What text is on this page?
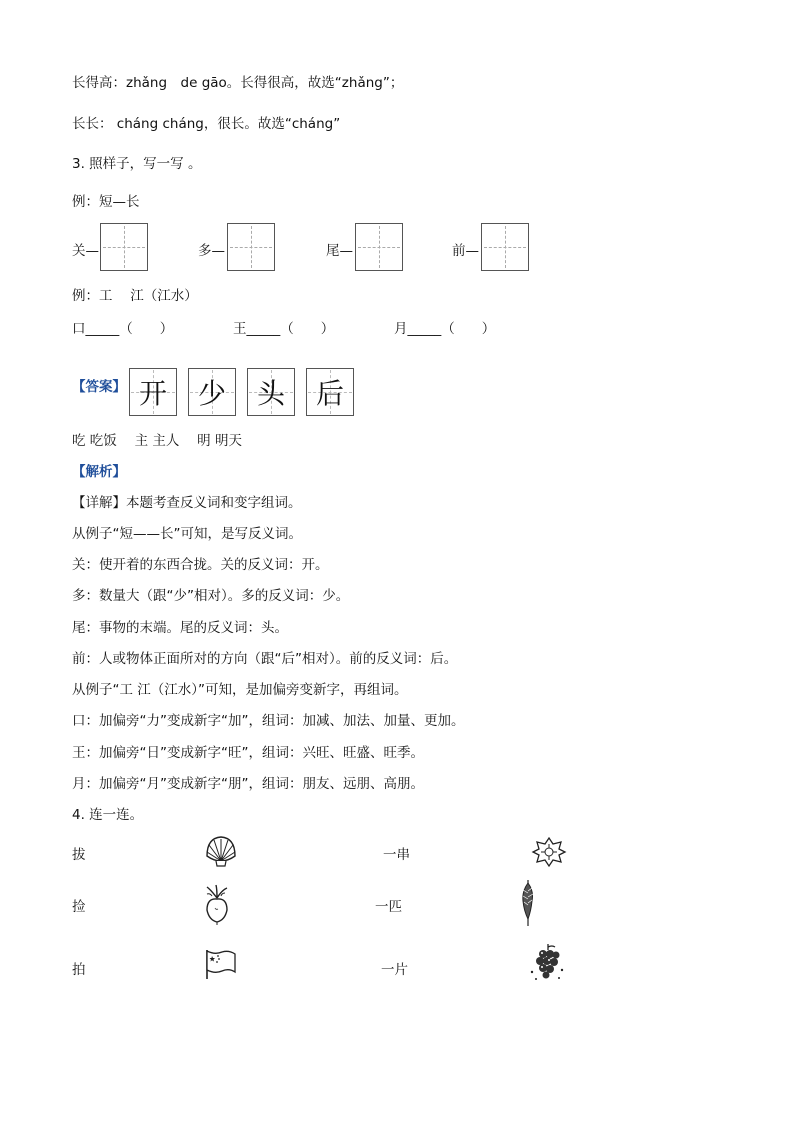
长得高：zhǎng　de gāo。长得很高，故选“zhǎng”；
长长： cháng cháng，很长。故选“cháng”
3. 照样子，写一写 。
例：短—长
关—	多—	尾—	前—
例：工　 江（江水）
口_____（　　）	王_____（　　）	月_____（　　）
【答案】 开	少	头	后
吃 吃饭　 主 主人　 明 明天
【解析】
【详解】本题考查反义词和变字组词。
从例子“短——长”可知，是写反义词。
关：使开着的东西合拢。关的反义词：开。
多：数量大（跟“少”相对）。多的反义词：少。
尾：事物的末端。尾的反义词：头。
前：人或物体正面所对的方向（跟“后”相对）。前的反义词：后。
从例子“工 江（江水）”可知，是加偏旁变新字，再组词。
口：加偏旁“力”变成新字“加”，组词：加减、加法、加量、更加。
王：加偏旁“日”变成新字“旺”，组词：兴旺、旺盛、旺季。
月：加偏旁“月”变成新字“朋”，组词：朋友、远朋、高朋。
4. 连一连。
拔
捡
拍
一串
一匹
一片
